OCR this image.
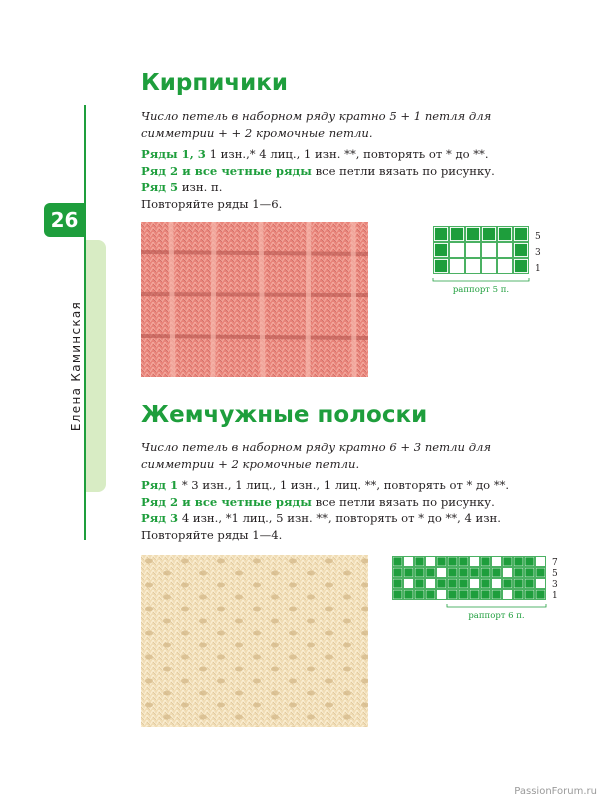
26
Елена Каминская
Кирпичики
Число петель в наборном ряду кратно 5 + 1 петля для симметрии + + 2 кромочные петли.
Ряды 1, 3 1 изн.,* 4 лиц., 1 изн. **, повторять от * до **.
Ряд 2 и все четные ряды все петли вязать по рисунку.
Ряд 5 изн. п.
Повторяйте ряды 1—6.
5
3
1
раппорт 5 п.
Жемчужные полоски
Число петель в наборном ряду кратно 6 + 3 петли для симметрии + 2 кромочные петли.
Ряд 1 * 3 изн., 1 лиц., 1 изн., 1 лиц. **, повторять от * до **.
Ряд 2 и все четные ряды все петли вязать по рисунку.
Ряд 3 4 изн., *1 лиц., 5 изн. **, повторять от * до **, 4 изн.
Повторяйте ряды 1—4.
7
5
3
1
раппорт 6 п.
PassionForum.ru
